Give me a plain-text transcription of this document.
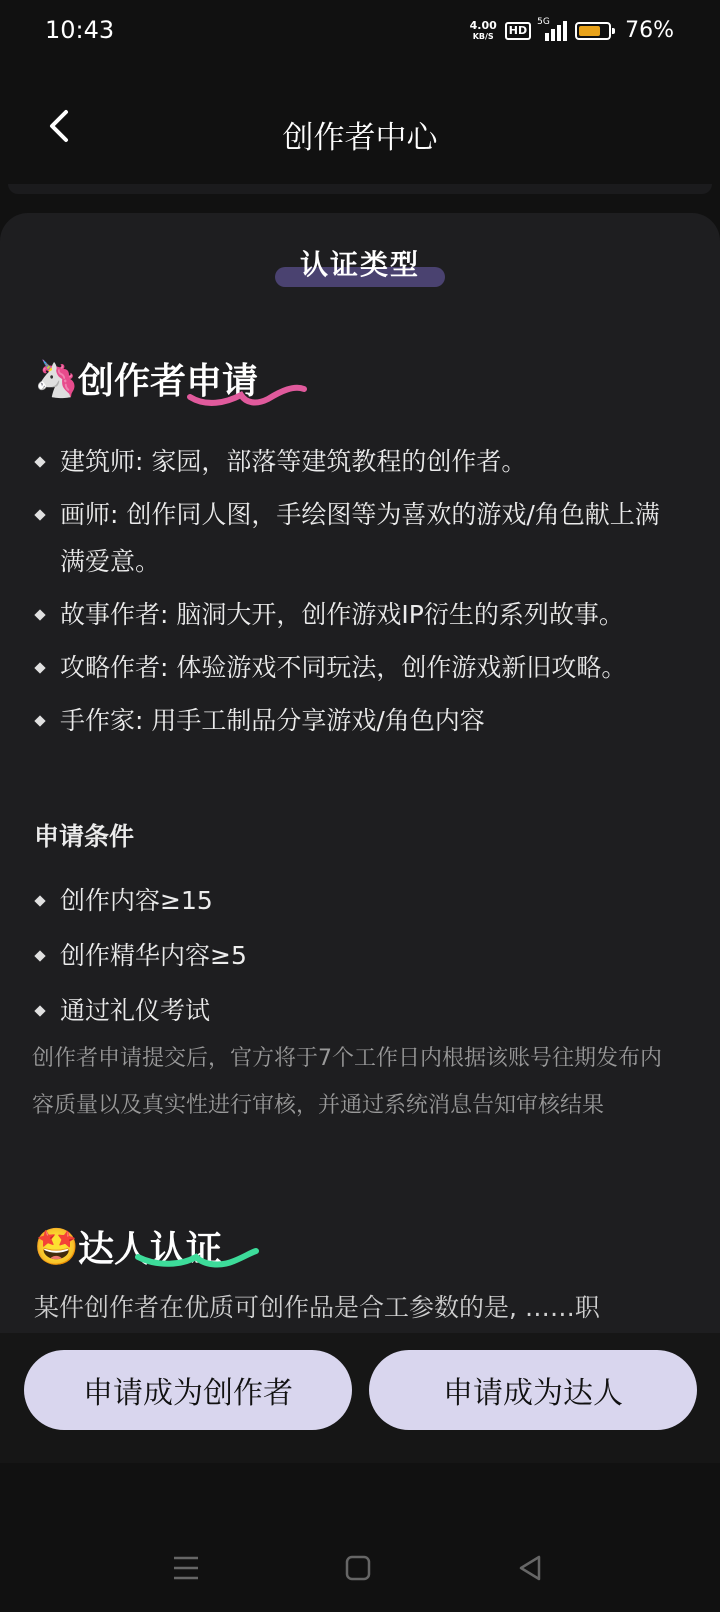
10:43	4.00
KB/S	HD
5G	76%
创作者中心
认证类型
🦄 创作者申请
建筑师: 家园，部落等建筑教程的创作者。
画师: 创作同人图，手绘图等为喜欢的游戏/角色献上满满爱意。
故事作者: 脑洞大开，创作游戏IP衍生的系列故事。
攻略作者: 体验游戏不同玩法，创作游戏新旧攻略。
手作家: 用手工制品分享游戏/角色内容
申请条件
创作内容≥15
创作精华内容≥5
通过礼仪考试
创作者申请提交后，官方将于7个工作日内根据该账号往期发布内容质量以及真实性进行审核，并通过系统消息告知审核结果
🤩 达人认证
某件创作者在优质可创作品是合工参数的是, ……职
申请成为创作者	申请成为达人
